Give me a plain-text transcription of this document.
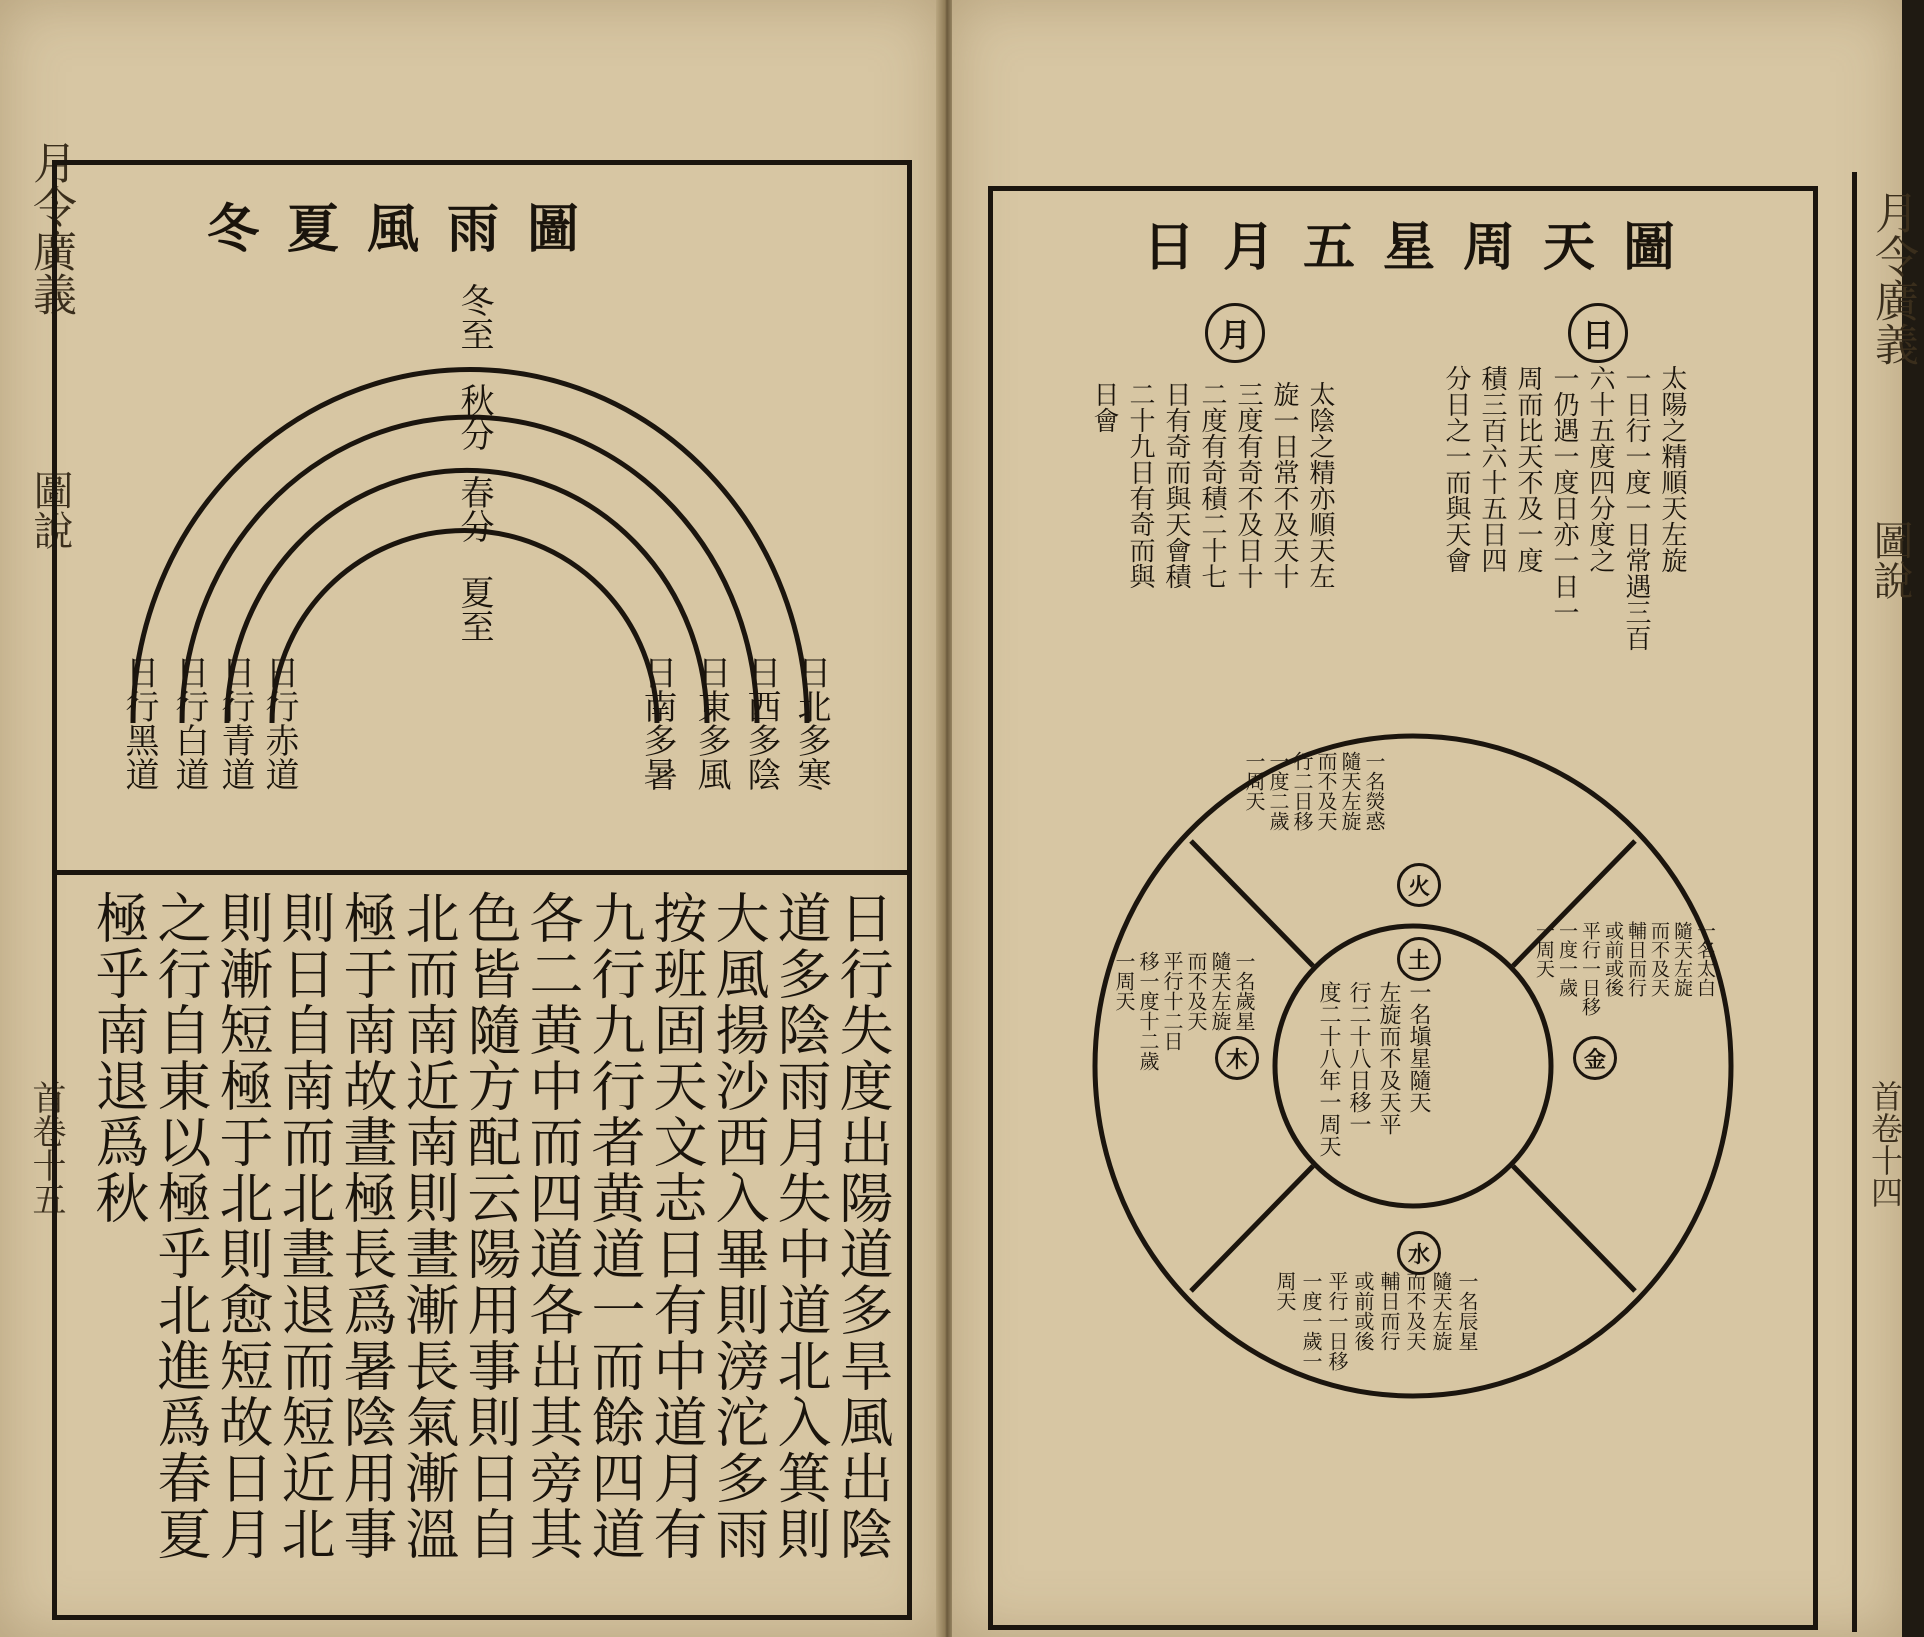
月令廣義
圖說
首卷十五
冬夏風雨圖
冬至
秋分
春分
夏至
日行黑道 日行白道 日行青道 日行赤道	日南多暑 日東多風 日西多陰 日北多寒
日行失度出陽道多旱風出陰
道多陰雨月失中道北入箕則
大風揚沙西入畢則滂沱多雨
按班固天文志日有中道月有
九行九行者黄道一而餘四道
各二黄中而四道各出其旁其
色皆隨方配云陽用事則日自
北而南近南則晝漸長氣漸溫
極于南故晝極長爲暑陰用事
則日自南而北晝退而短近北
則漸短極于北則愈短故日月
之行自東以極乎北進爲春夏
極乎南退爲秋
日月五星周天圖
日
太陽之精順天左旋
一日行一度一日常遇三百
六十五度四分度之
一仍遇一度日亦一日一
周而比天不及一度
積三百六十五日四
分日之一而與天會
月
太陰之精亦順天左
旋一日常不及天十
三度有奇不及日十
二度有奇積二十七
日有奇而與天會積
二十九日有奇而與
日會
土
一名塡星隨天
左旋而不及天平
行二十八日移一
度二十八年一周天
火
一名熒惑
隨天左旋
而不及天
行二日移
一度二歲
一周天
金
一名太白
隨天左旋
而不及天
輔日而行
或前或後
平行一日移
一度一歲
一周天
木
一名歲星
隨天左旋
而不及天
平行十二日
移一度十二歲
一周天
水
一名辰星
隨天左旋
而不及天
輔日而行
或前或後
平行一日移
一度一歲一
周天
月令廣義
圖說
首卷十四
